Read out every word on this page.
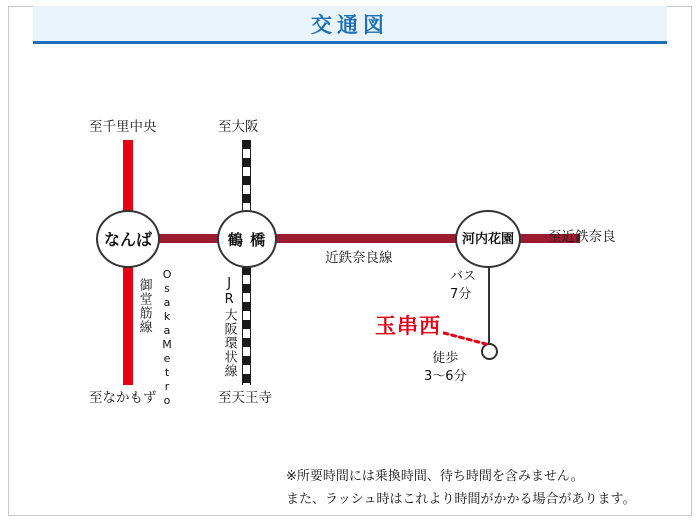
交通図
なんば	鶴 橋	河内花園
至千里中央
至なかもず
至大阪
至天王寺
至近鉄奈良
OsakaMetro
御堂筋線	JR大阪環状線
近鉄奈良線
バス
7分
徒歩
3〜6分
玉串西
※所要時間には乗換時間、待ち時間を含みません。
また、ラッシュ時はこれより時間がかかる場合があります。
